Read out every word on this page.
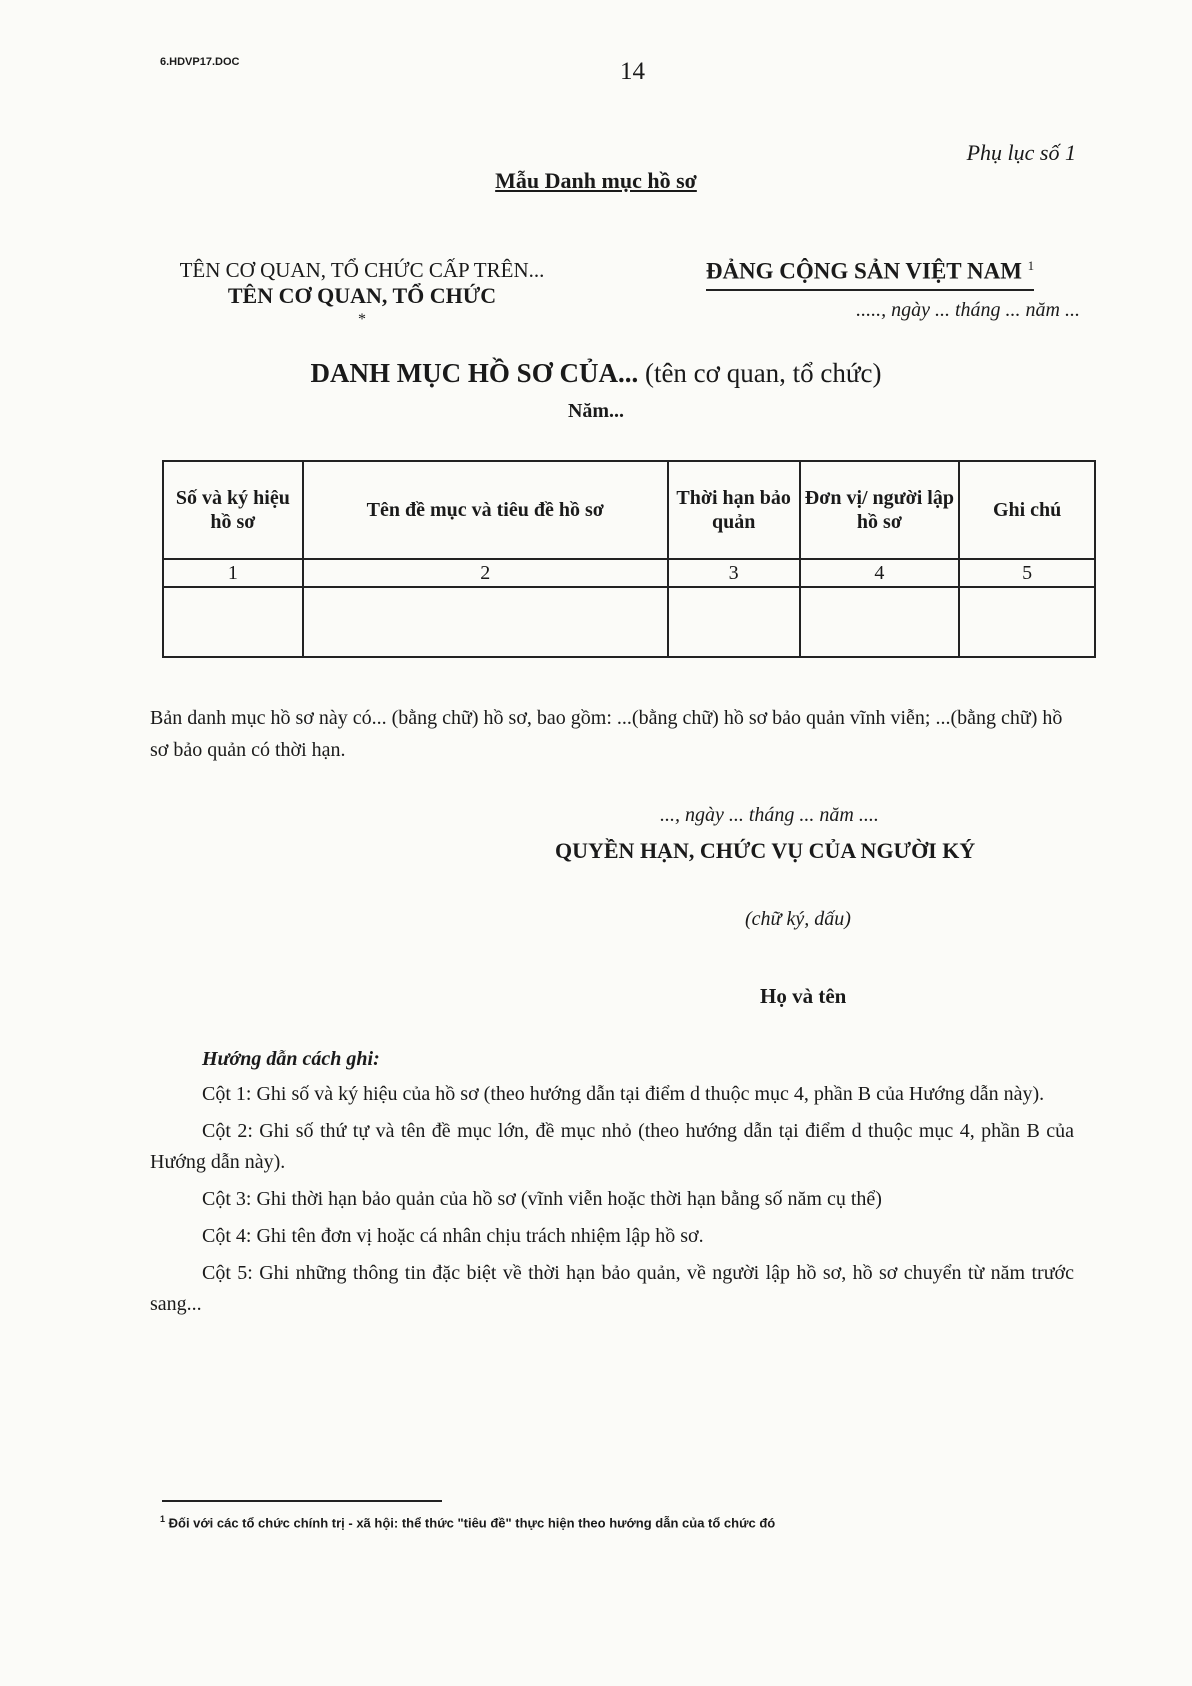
6.HDVP17.DOC	14
Phụ lục số 1
Mẫu Danh mục hồ sơ
TÊN CƠ QUAN, TỔ CHỨC CẤP TRÊN...
TÊN CƠ QUAN, TỔ CHỨC
*
ĐẢNG CỘNG SẢN VIỆT NAM $^1$
....., ngày ... tháng ... năm ...
DANH MỤC HỒ SƠ CỦA... (tên cơ quan, tổ chức)
Năm...
Số và ký hiệu hồ sơ	Tên đề mục và tiêu đề hồ sơ	Thời hạn bảo quản	Đơn vị/ người lập hồ sơ	Ghi chú
1	2	3	4	5

Bản danh mục hồ sơ này có... (bằng chữ) hồ sơ, bao gồm: ...(bằng chữ) hồ sơ bảo quản vĩnh viễn; ...(bằng chữ) hồ sơ bảo quản có thời hạn.
..., ngày ... tháng ... năm ....
QUYỀN HẠN, CHỨC VỤ CỦA NGƯỜI KÝ
(chữ ký, dấu)
Họ và tên
Hướng dẫn cách ghi:

Cột 1: Ghi số và ký hiệu của hồ sơ (theo hướng dẫn tại điểm d thuộc mục 4, phần B của Hướng dẫn này).

Cột 2: Ghi số thứ tự và tên đề mục lớn, đề mục nhỏ (theo hướng dẫn tại điểm d thuộc mục 4, phần B của Hướng dẫn này).

Cột 3: Ghi thời hạn bảo quản của hồ sơ (vĩnh viễn hoặc thời hạn bằng số năm cụ thể)

Cột 4: Ghi tên đơn vị hoặc cá nhân chịu trách nhiệm lập hồ sơ.

Cột 5: Ghi những thông tin đặc biệt về thời hạn bảo quản, về người lập hồ sơ, hồ sơ chuyển từ năm trước sang...

$^1$ Đối với các tổ chức chính trị - xã hội: thể thức "tiêu đề" thực hiện theo hướng dẫn của tổ chức đó
